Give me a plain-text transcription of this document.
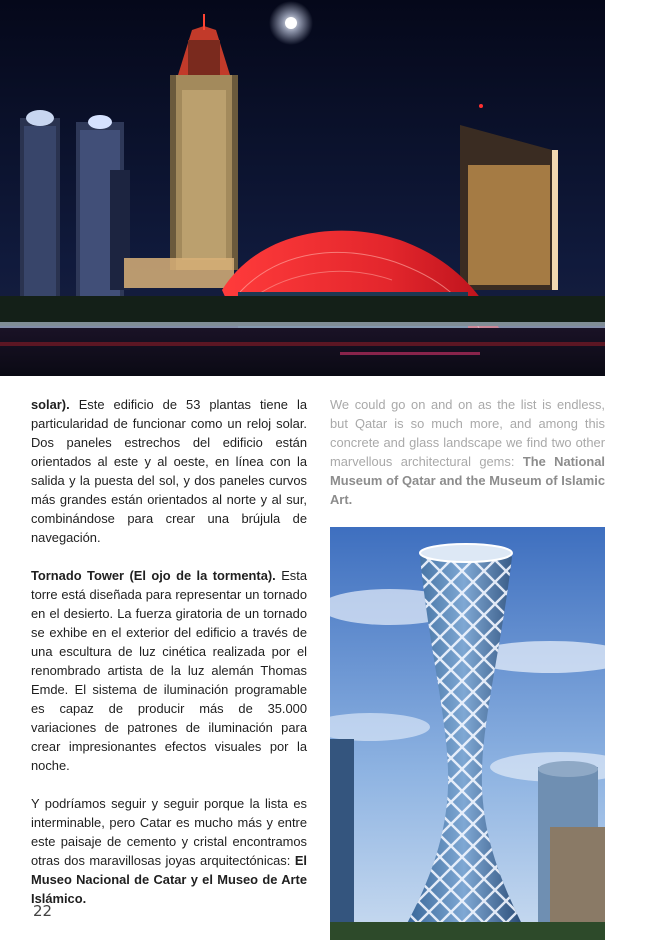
solar). Este edificio de 53 plantas tiene la particularidad de funcionar como un reloj solar. Dos paneles estrechos del edificio están orientados al este y al oeste, en línea con la salida y la puesta del sol, y dos paneles curvos más grandes están orientados al norte y al sur, combinándose para crear una brújula de navegación.

Tornado Tower (El ojo de la tormenta). Esta torre está diseñada para representar un tornado en el desierto. La fuerza giratoria de un tornado se exhibe en el exterior del edificio a través de una escultura de luz cinética realizada por el renombrado artista de la luz alemán Thomas Emde. El sistema de iluminación programable es capaz de producir más de 35.000 variaciones de patrones de iluminación para crear impresionantes efectos visuales por la noche.

Y podríamos seguir y seguir porque la lista es interminable, pero Catar es mucho más y entre este paisaje de cemento y cristal encontramos otras dos maravillosas joyas arquitectónicas: El Museo Nacional de Catar y el Museo de Arte Islámico.

We could go on and on as the list is endless, but Qatar is so much more, and among this concrete and glass landscape we find two other marvellous architectural gems: The National Museum of Qatar and the Museum of Islamic Art.

22
